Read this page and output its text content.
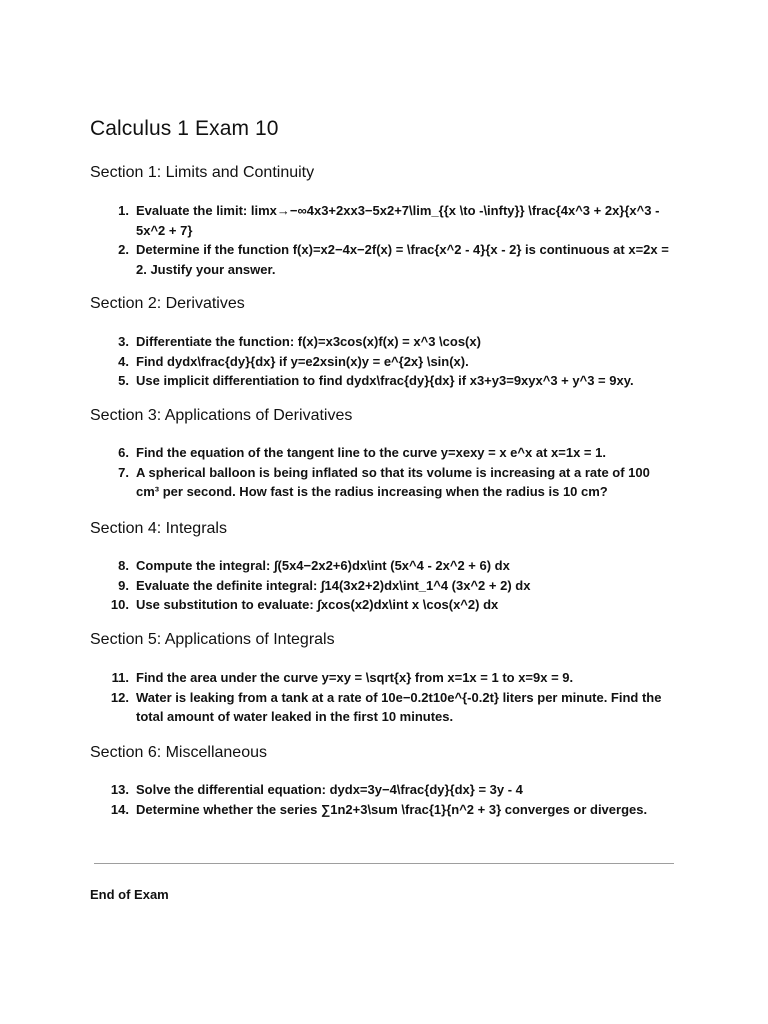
Calculus 1 Exam 10
Section 1: Limits and Continuity
1. Evaluate the limit: limx→−∞4x3+2xx3−5x2+7\lim_{{x \to -\infty}} \frac{4x^3 + 2x}{x^3 - 5x^2 + 7}
2. Determine if the function f(x)=x2−4x−2f(x) = \frac{x^2 - 4}{x - 2} is continuous at x=2x = 2. Justify your answer.
Section 2: Derivatives
3. Differentiate the function: f(x)=x3cos(x)f(x) = x^3 \cos(x)
4. Find dydx\frac{dy}{dx} if y=e2xsin(x)y = e^{2x} \sin(x).
5. Use implicit differentiation to find dydx\frac{dy}{dx} if x3+y3=9xyx^3 + y^3 = 9xy.
Section 3: Applications of Derivatives
6. Find the equation of the tangent line to the curve y=xexy = x e^x at x=1x = 1.
7. A spherical balloon is being inflated so that its volume is increasing at a rate of 100 cm³ per second. How fast is the radius increasing when the radius is 10 cm?
Section 4: Integrals
8. Compute the integral: ∫(5x4−2x2+6)dx\int (5x^4 - 2x^2 + 6) dx
9. Evaluate the definite integral: ∫14(3x2+2)dx\int_1^4 (3x^2 + 2) dx
10. Use substitution to evaluate: ∫xcos(x2)dx\int x \cos(x^2) dx
Section 5: Applications of Integrals
11. Find the area under the curve y=xy = \sqrt{x} from x=1x = 1 to x=9x = 9.
12. Water is leaking from a tank at a rate of 10e−0.2t10e^{-0.2t} liters per minute. Find the total amount of water leaked in the first 10 minutes.
Section 6: Miscellaneous
13. Solve the differential equation: dydx=3y−4\frac{dy}{dx} = 3y - 4
14. Determine whether the series ∑1n2+3\sum \frac{1}{n^2 + 3} converges or diverges.
End of Exam
